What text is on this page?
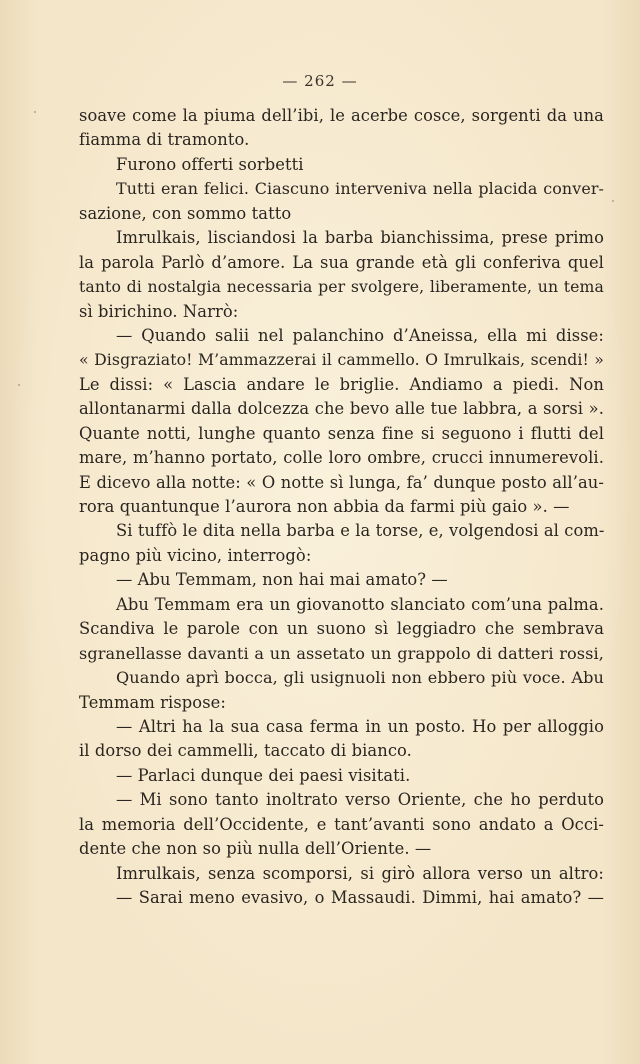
— 262 —
soave come la piuma dell’ibi, le acerbe cosce, sorgenti da una
fiamma di tramonto.
Furono offerti sorbetti
Tutti eran felici. Ciascuno interveniva nella placida conver-
sazione, con sommo tatto
Imrulkais, lisciandosi la barba bianchissima, prese primo
la parola Parlò d’amore. La sua grande età gli conferiva quel
tanto di nostalgia necessaria per svolgere, liberamente, un tema
sì birichino. Narrò:
— Quando salii nel palanchino d’Aneissa, ella mi disse:
« Disgraziato! M’ammazzerai il cammello. O Imrulkais, scendi! »
Le dissi: « Lascia andare le briglie. Andiamo a piedi. Non
allontanarmi dalla dolcezza che bevo alle tue labbra, a sorsi ».
Quante notti, lunghe quanto senza fine si seguono i flutti del
mare, m’hanno portato, colle loro ombre, crucci innumerevoli.
E dicevo alla notte: « O notte sì lunga, fa’ dunque posto all’au-
rora quantunque l’aurora non abbia da farmi più gaio ». —
Si tuffò le dita nella barba e la torse, e, volgendosi al com-
pagno più vicino, interrogò:
— Abu Temmam, non hai mai amato? —
Abu Temmam era un giovanotto slanciato com’una palma.
Scandiva le parole con un suono sì leggiadro che sembrava
sgranellasse davanti a un assetato un grappolo di datteri rossi,
Quando aprì bocca, gli usignuoli non ebbero più voce. Abu
Temmam rispose:
— Altri ha la sua casa ferma in un posto. Ho per alloggio
il dorso dei cammelli, taccato di bianco.
— Parlaci dunque dei paesi visitati.
— Mi sono tanto inoltrato verso Oriente, che ho perduto
la memoria dell’Occidente, e tant’avanti sono andato a Occi-
dente che non so più nulla dell’Oriente. —
Imrulkais, senza scomporsi, si girò allora verso un altro:
— Sarai meno evasivo, o Massaudi. Dimmi, hai amato? —
